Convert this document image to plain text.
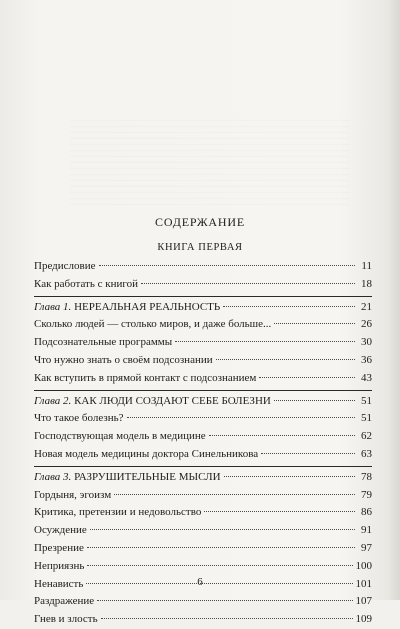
СОДЕРЖАНИЕ
КНИГА ПЕРВАЯ
Предисловие	11
Как работать с книгой	18
Глава 1. НЕРЕАЛЬНАЯ РЕАЛЬНОСТЬ	21
Сколько людей — столько миров, и даже больше...	26
Подсознательные программы	30
Что нужно знать о своём подсознании	36
Как вступить в прямой контакт с подсознанием	43
Глава 2. КАК ЛЮДИ СОЗДАЮТ СЕБЕ БОЛЕЗНИ	51
Что такое болезнь?	51
Господствующая модель в медицине	62
Новая модель медицины доктора Синельникова	63
Глава 3. РАЗРУШИТЕЛЬНЫЕ МЫСЛИ	78
Гордыня, эгоизм	79
Критика, претензии и недовольство	86
Осуждение	91
Презрение	97
Неприязнь	100
Ненависть	101
Раздражение	107
Гнев и злость	109
6
